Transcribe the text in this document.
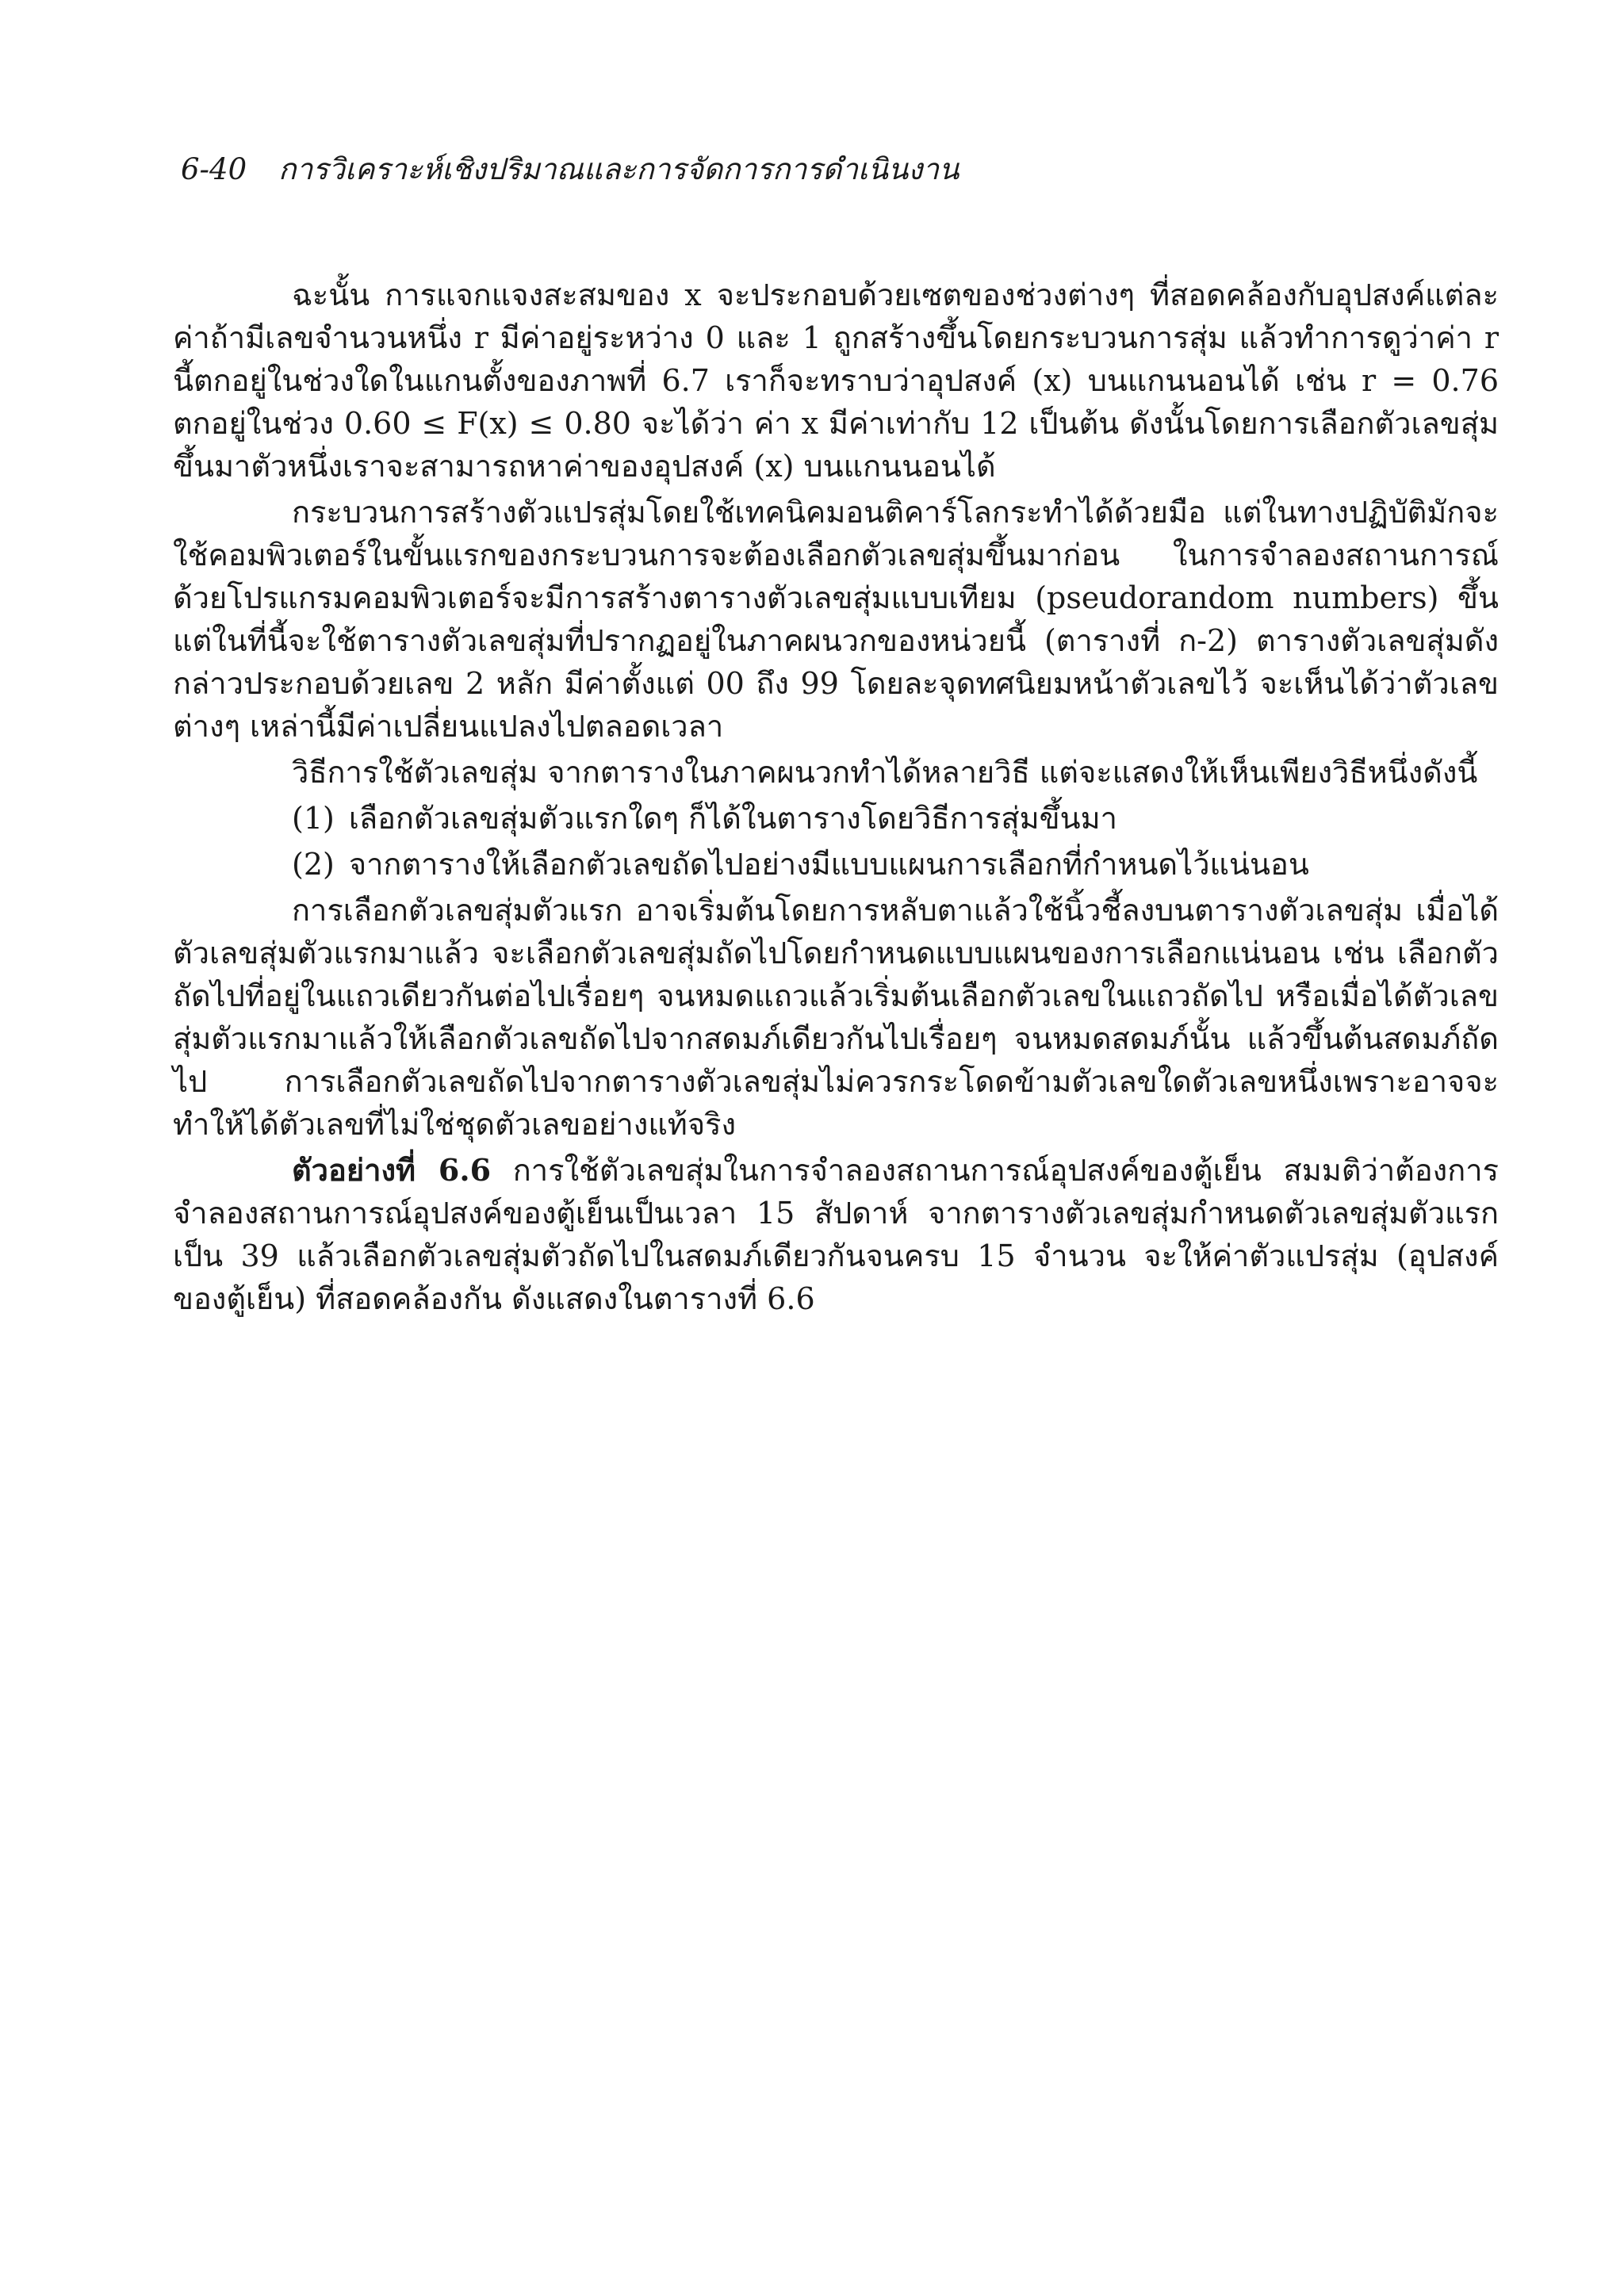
6-40 การวิเคราะห์เชิงปริมาณและการจัดการการดำเนินงาน

ฉะนั้น การแจกแจงสะสมของ x จะประกอบด้วยเซตของช่วงต่างๆ ที่สอดคล้องกับอุปสงค์แต่ละค่าถ้ามีเลขจำนวนหนึ่ง r มีค่าอยู่ระหว่าง 0 และ 1 ถูกสร้างขึ้นโดยกระบวนการสุ่ม แล้วทำการดูว่าค่า r นี้ตกอยู่ในช่วงใดในแกนตั้งของภาพที่ 6.7 เราก็จะทราบว่าอุปสงค์ (x) บนแกนนอนได้ เช่น r = 0.76 ตกอยู่ในช่วง 0.60 ≤ F(x) ≤ 0.80 จะได้ว่า ค่า x มีค่าเท่ากับ 12 เป็นต้น ดังนั้นโดยการเลือกตัวเลขสุ่มขึ้นมาตัวหนึ่งเราจะสามารถหาค่าของอุปสงค์ (x) บนแกนนอนได้

กระบวนการสร้างตัวแปรสุ่มโดยใช้เทคนิคมอนติคาร์โลกระทำได้ด้วยมือ แต่ในทางปฏิบัติมักจะใช้คอมพิวเตอร์ในขั้นแรกของกระบวนการจะต้องเลือกตัวเลขสุ่มขึ้นมาก่อน ในการจำลองสถานการณ์ด้วยโปรแกรมคอมพิวเตอร์จะมีการสร้างตารางตัวเลขสุ่มแบบเทียม (pseudorandom numbers) ขึ้น แต่ในที่นี้จะใช้ตารางตัวเลขสุ่มที่ปรากฏอยู่ในภาคผนวกของหน่วยนี้ (ตารางที่ ก-2) ตารางตัวเลขสุ่มดังกล่าวประกอบด้วยเลข 2 หลัก มีค่าตั้งแต่ 00 ถึง 99 โดยละจุดทศนิยมหน้าตัวเลขไว้ จะเห็นได้ว่าตัวเลขต่างๆ เหล่านี้มีค่าเปลี่ยนแปลงไปตลอดเวลา

วิธีการใช้ตัวเลขสุ่ม จากตารางในภาคผนวกทำได้หลายวิธี แต่จะแสดงให้เห็นเพียงวิธีหนึ่งดังนี้

(1) เลือกตัวเลขสุ่มตัวแรกใดๆ ก็ได้ในตารางโดยวิธีการสุ่มขึ้นมา

(2) จากตารางให้เลือกตัวเลขถัดไปอย่างมีแบบแผนการเลือกที่กำหนดไว้แน่นอน

การเลือกตัวเลขสุ่มตัวแรก อาจเริ่มต้นโดยการหลับตาแล้วใช้นิ้วชี้ลงบนตารางตัวเลขสุ่ม เมื่อได้ตัวเลขสุ่มตัวแรกมาแล้ว จะเลือกตัวเลขสุ่มถัดไปโดยกำหนดแบบแผนของการเลือกแน่นอน เช่น เลือกตัวถัดไปที่อยู่ในแถวเดียวกันต่อไปเรื่อยๆ จนหมดแถวแล้วเริ่มต้นเลือกตัวเลขในแถวถัดไป หรือเมื่อได้ตัวเลขสุ่มตัวแรกมาแล้วให้เลือกตัวเลขถัดไปจากสดมภ์เดียวกันไปเรื่อยๆ จนหมดสดมภ์นั้น แล้วขึ้นต้นสดมภ์ถัดไป การเลือกตัวเลขถัดไปจากตารางตัวเลขสุ่มไม่ควรกระโดดข้ามตัวเลขใดตัวเลขหนึ่งเพราะอาจจะทำให้ได้ตัวเลขที่ไม่ใช่ชุดตัวเลขอย่างแท้จริง

ตัวอย่างที่ 6.6 การใช้ตัวเลขสุ่มในการจำลองสถานการณ์อุปสงค์ของตู้เย็น สมมติว่าต้องการจำลองสถานการณ์อุปสงค์ของตู้เย็นเป็นเวลา 15 สัปดาห์ จากตารางตัวเลขสุ่มกำหนดตัวเลขสุ่มตัวแรกเป็น 39 แล้วเลือกตัวเลขสุ่มตัวถัดไปในสดมภ์เดียวกันจนครบ 15 จำนวน จะให้ค่าตัวแปรสุ่ม (อุปสงค์ของตู้เย็น) ที่สอดคล้องกัน ดังแสดงในตารางที่ 6.6
